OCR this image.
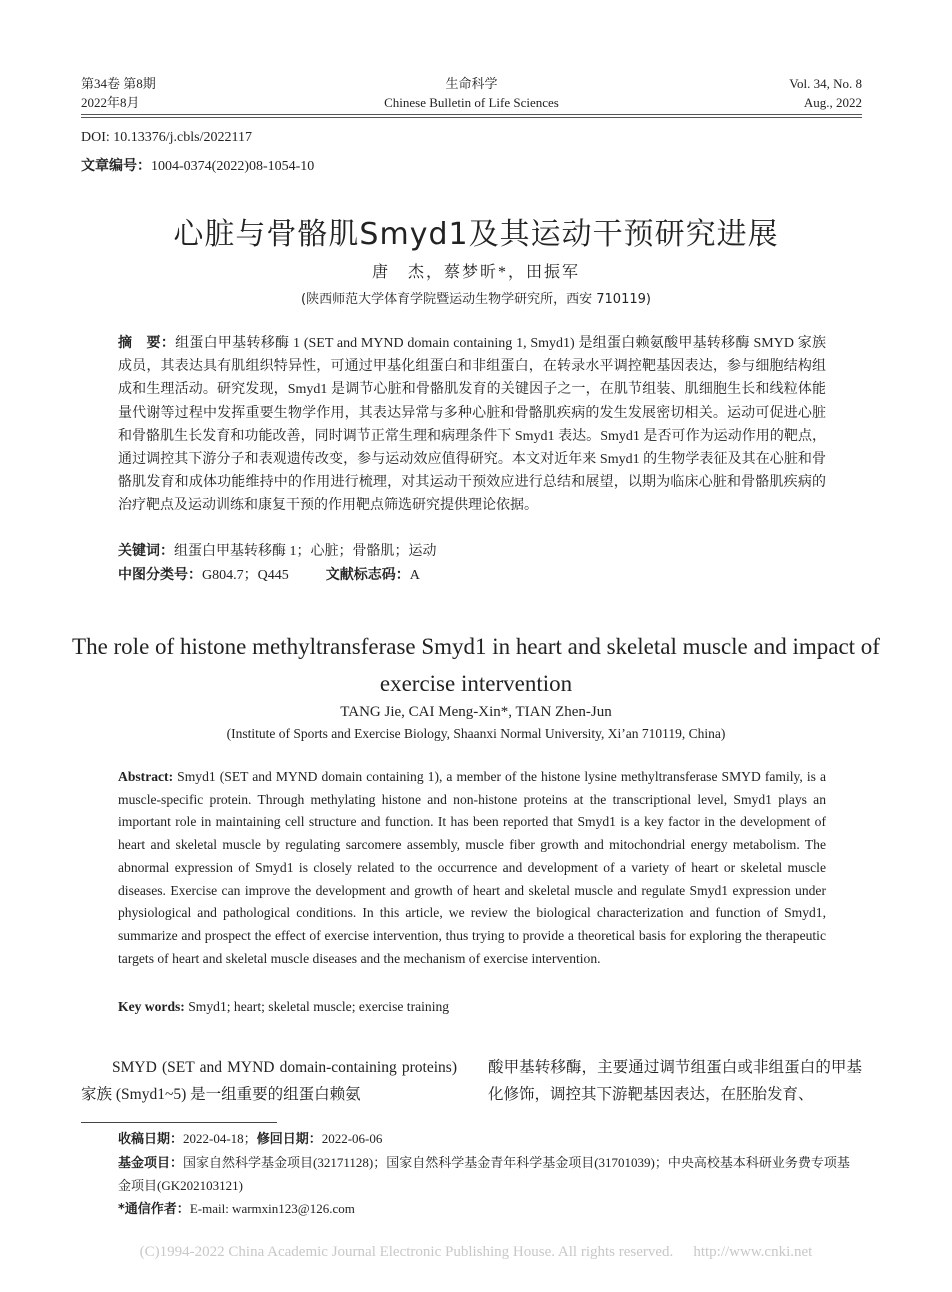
第34卷 第8期
2022年8月
生命科学
Chinese Bulletin of Life Sciences
Vol. 34, No. 8
Aug., 2022
DOI: 10.13376/j.cbls/2022117
文章编号：1004-0374(2022)08-1054-10
心脏与骨骼肌Smyd1及其运动干预研究进展
唐　杰，蔡梦昕*，田振军
(陕西师范大学体育学院暨运动生物学研究所，西安 710119)
摘　要：组蛋白甲基转移酶 1 (SET and MYND domain containing 1, Smyd1) 是组蛋白赖氨酸甲基转移酶 SMYD 家族成员，其表达具有肌组织特异性，可通过甲基化组蛋白和非组蛋白，在转录水平调控靶基因表达，参与细胞结构组成和生理活动。研究发现，Smyd1 是调节心脏和骨骼肌发育的关键因子之一，在肌节组装、肌细胞生长和线粒体能量代谢等过程中发挥重要生物学作用，其表达异常与多种心脏和骨骼肌疾病的发生发展密切相关。运动可促进心脏和骨骼肌生长发育和功能改善，同时调节正常生理和病理条件下 Smyd1 表达。Smyd1 是否可作为运动作用的靶点，通过调控其下游分子和表观遗传改变，参与运动效应值得研究。本文对近年来 Smyd1 的生物学表征及其在心脏和骨骼肌发育和成体功能维持中的作用进行梳理，对其运动干预效应进行总结和展望，以期为临床心脏和骨骼肌疾病的治疗靶点及运动训练和康复干预的作用靶点筛选研究提供理论依据。
关键词：组蛋白甲基转移酶 1；心脏；骨骼肌；运动
中图分类号：G804.7；Q445	文献标志码：A
The role of histone methyltransferase Smyd1 in heart and skeletal muscle and impact of exercise intervention
TANG Jie, CAI Meng-Xin*, TIAN Zhen-Jun
(Institute of Sports and Exercise Biology, Shaanxi Normal University, Xi’an 710119, China)
Abstract: Smyd1 (SET and MYND domain containing 1), a member of the histone lysine methyltransferase SMYD family, is a muscle-specific protein. Through methylating histone and non-histone proteins at the transcriptional level, Smyd1 plays an important role in maintaining cell structure and function. It has been reported that Smyd1 is a key factor in the development of heart and skeletal muscle by regulating sarcomere assembly, muscle fiber growth and mitochondrial energy metabolism. The abnormal expression of Smyd1 is closely related to the occurrence and development of a variety of heart or skeletal muscle diseases. Exercise can improve the development and growth of heart and skeletal muscle and regulate Smyd1 expression under physiological and pathological conditions. In this article, we review the biological characterization and function of Smyd1, summarize and prospect the effect of exercise intervention, thus trying to provide a theoretical basis for exploring the therapeutic targets of heart and skeletal muscle diseases and the mechanism of exercise intervention.
Key words: Smyd1; heart; skeletal muscle; exercise training

SMYD (SET and MYND domain-containing proteins) 家族 (Smyd1~5) 是一组重要的组蛋白赖氨

酸甲基转移酶，主要通过调节组蛋白或非组蛋白的甲基化修饰，调控其下游靶基因表达，在胚胎发育、

收稿日期：2022-04-18；修回日期：2022-06-06
基金项目：国家自然科学基金项目(32171128)；国家自然科学基金青年科学基金项目(31701039)；中央高校基本科研业务费专项基金项目(GK202103121)
*通信作者：E-mail: warmxin123@126.com
(C)1994-2022 China Academic Journal Electronic Publishing House. All rights reserved. http://www.cnki.net
